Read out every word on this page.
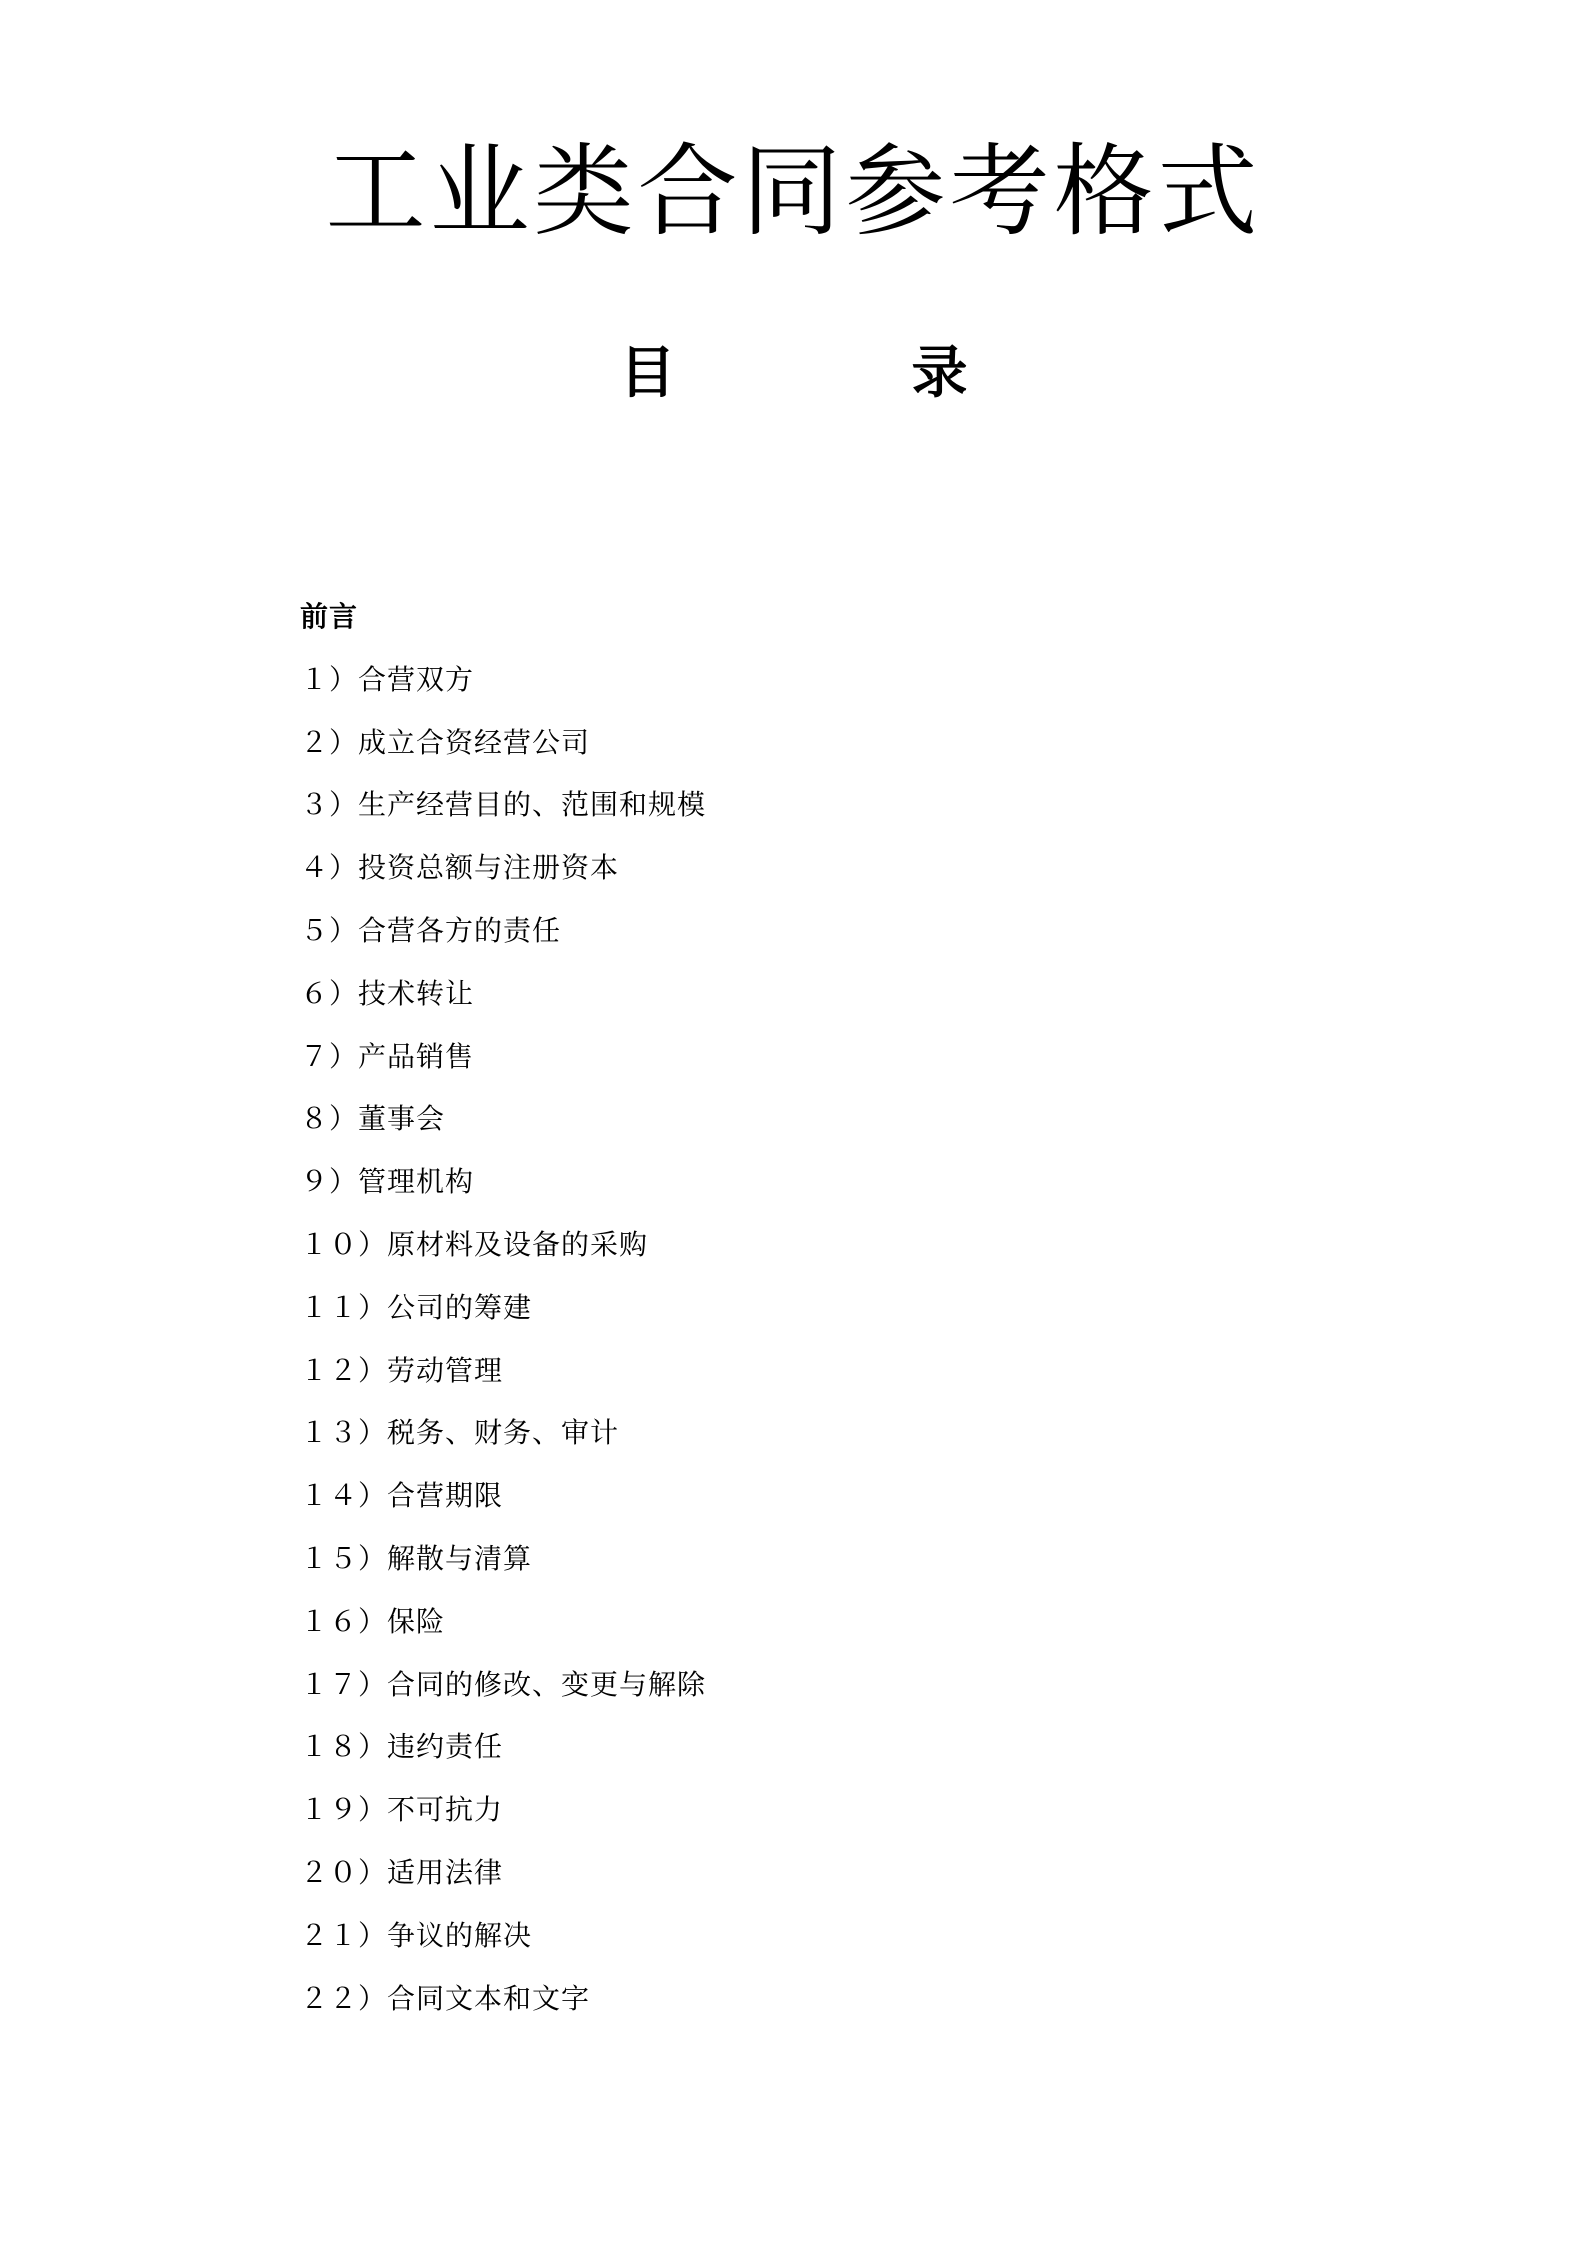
工业类合同参考格式
目	录
前言
１）合营双方
２）成立合资经营公司
３）生产经营目的、范围和规模
４）投资总额与注册资本
５）合营各方的责任
６）技术转让
７）产品销售
８）董事会
９）管理机构
１０）原材料及设备的采购
１１）公司的筹建
１２）劳动管理
１３）税务、财务、审计
１４）合营期限
１５）解散与清算
１６）保险
１７）合同的修改、变更与解除
１８）违约责任
１９）不可抗力
２０）适用法律
２１）争议的解决
２２）合同文本和文字
